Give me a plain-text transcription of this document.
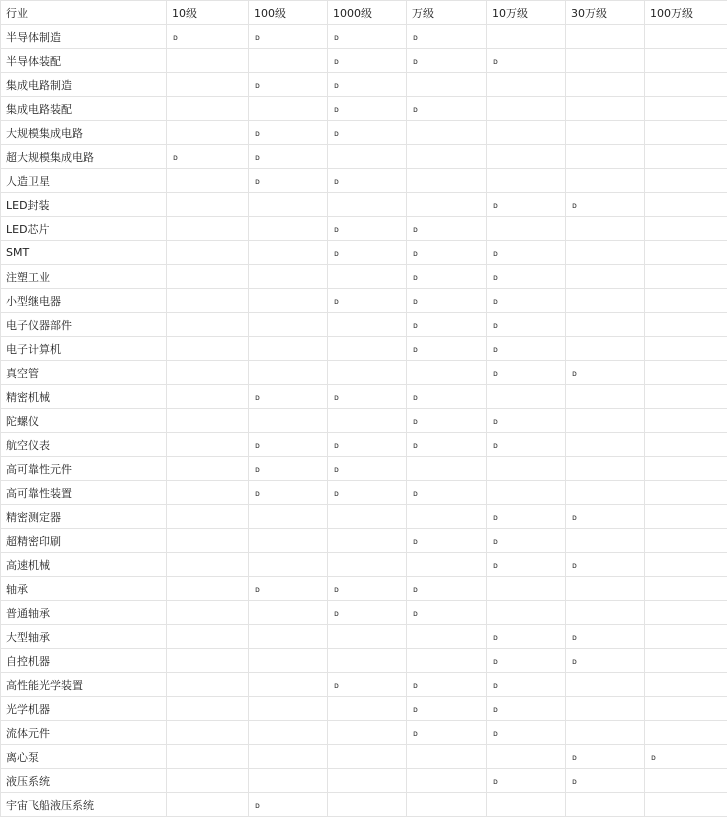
行业	10级	100级	1000级	万级	10万级	30万级	100万级
半导体制造	ᴅ	ᴅ	ᴅ	ᴅ			
半导体装配			ᴅ	ᴅ	ᴅ		
集成电路制造		ᴅ	ᴅ				
集成电路装配			ᴅ	ᴅ			
大规模集成电路		ᴅ	ᴅ				
超大规模集成电路	ᴅ	ᴅ					
人造卫星		ᴅ	ᴅ				
LED封装					ᴅ	ᴅ	
LED芯片			ᴅ	ᴅ			
SMT			ᴅ	ᴅ	ᴅ		
注塑工业				ᴅ	ᴅ		
小型继电器			ᴅ	ᴅ	ᴅ		
电子仪器部件				ᴅ	ᴅ		
电子计算机				ᴅ	ᴅ		
真空管					ᴅ	ᴅ	
精密机械		ᴅ	ᴅ	ᴅ			
陀螺仪				ᴅ	ᴅ		
航空仪表		ᴅ	ᴅ	ᴅ	ᴅ		
高可靠性元件		ᴅ	ᴅ				
高可靠性装置		ᴅ	ᴅ	ᴅ			
精密测定器					ᴅ	ᴅ	
超精密印刷				ᴅ	ᴅ		
高速机械					ᴅ	ᴅ	
轴承		ᴅ	ᴅ	ᴅ			
普通轴承			ᴅ	ᴅ			
大型轴承					ᴅ	ᴅ	
自控机器					ᴅ	ᴅ	
高性能光学装置			ᴅ	ᴅ	ᴅ		
光学机器				ᴅ	ᴅ		
流体元件				ᴅ	ᴅ		
离心泵						ᴅ	ᴅ
液压系统					ᴅ	ᴅ	
宇宙飞船液压系统		ᴅ					
